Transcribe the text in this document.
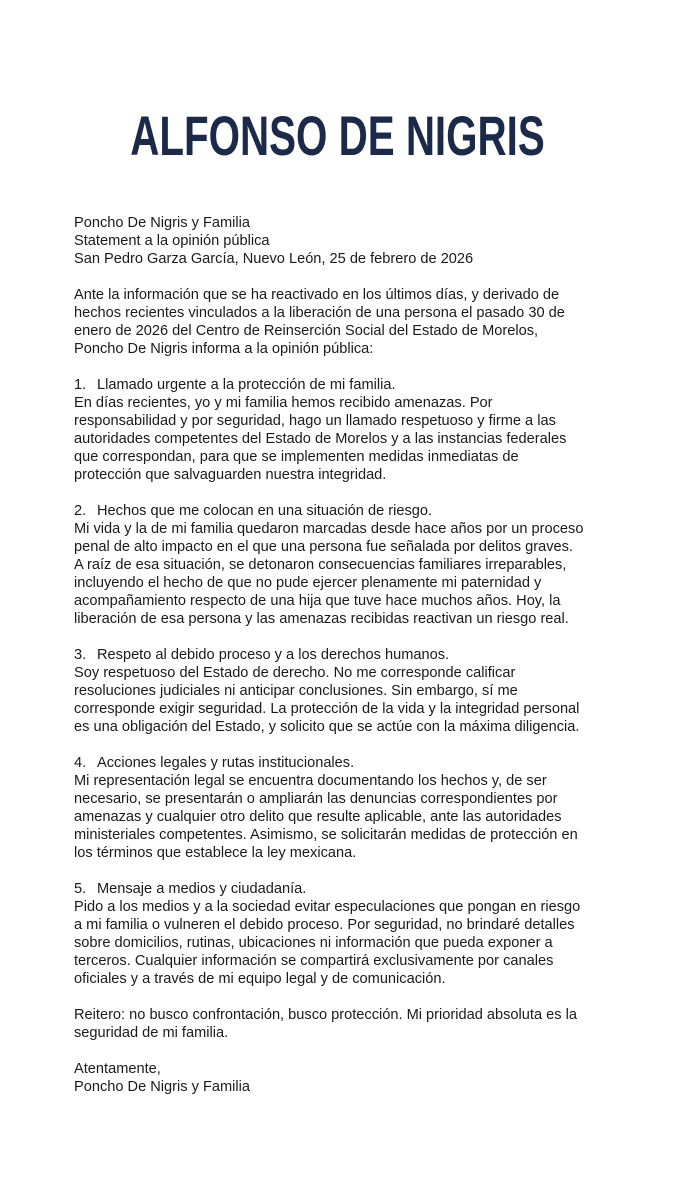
ALFONSO DE NIGRIS
Poncho De Nigris y Familia
Statement a la opinión pública
San Pedro Garza García, Nuevo León, 25 de febrero de 2026
Ante la información que se ha reactivado en los últimos días, y derivado de
hechos recientes vinculados a la liberación de una persona el pasado 30 de
enero de 2026 del Centro de Reinserción Social del Estado de Morelos,
Poncho De Nigris informa a la opinión pública:
1. Llamado urgente a la protección de mi familia.
En días recientes, yo y mi familia hemos recibido amenazas. Por
responsabilidad y por seguridad, hago un llamado respetuoso y firme a las
autoridades competentes del Estado de Morelos y a las instancias federales
que correspondan, para que se implementen medidas inmediatas de
protección que salvaguarden nuestra integridad.
2. Hechos que me colocan en una situación de riesgo.
Mi vida y la de mi familia quedaron marcadas desde hace años por un proceso
penal de alto impacto en el que una persona fue señalada por delitos graves.
A raíz de esa situación, se detonaron consecuencias familiares irreparables,
incluyendo el hecho de que no pude ejercer plenamente mi paternidad y
acompañamiento respecto de una hija que tuve hace muchos años. Hoy, la
liberación de esa persona y las amenazas recibidas reactivan un riesgo real.
3. Respeto al debido proceso y a los derechos humanos.
Soy respetuoso del Estado de derecho. No me corresponde calificar
resoluciones judiciales ni anticipar conclusiones. Sin embargo, sí me
corresponde exigir seguridad. La protección de la vida y la integridad personal
es una obligación del Estado, y solicito que se actúe con la máxima diligencia.
4. Acciones legales y rutas institucionales.
Mi representación legal se encuentra documentando los hechos y, de ser
necesario, se presentarán o ampliarán las denuncias correspondientes por
amenazas y cualquier otro delito que resulte aplicable, ante las autoridades
ministeriales competentes. Asimismo, se solicitarán medidas de protección en
los términos que establece la ley mexicana.
5. Mensaje a medios y ciudadanía.
Pido a los medios y a la sociedad evitar especulaciones que pongan en riesgo
a mi familia o vulneren el debido proceso. Por seguridad, no brindaré detalles
sobre domicilios, rutinas, ubicaciones ni información que pueda exponer a
terceros. Cualquier información se compartirá exclusivamente por canales
oficiales y a través de mi equipo legal y de comunicación.
Reitero: no busco confrontación, busco protección. Mi prioridad absoluta es la
seguridad de mi familia.
Atentamente,
Poncho De Nigris y Familia
